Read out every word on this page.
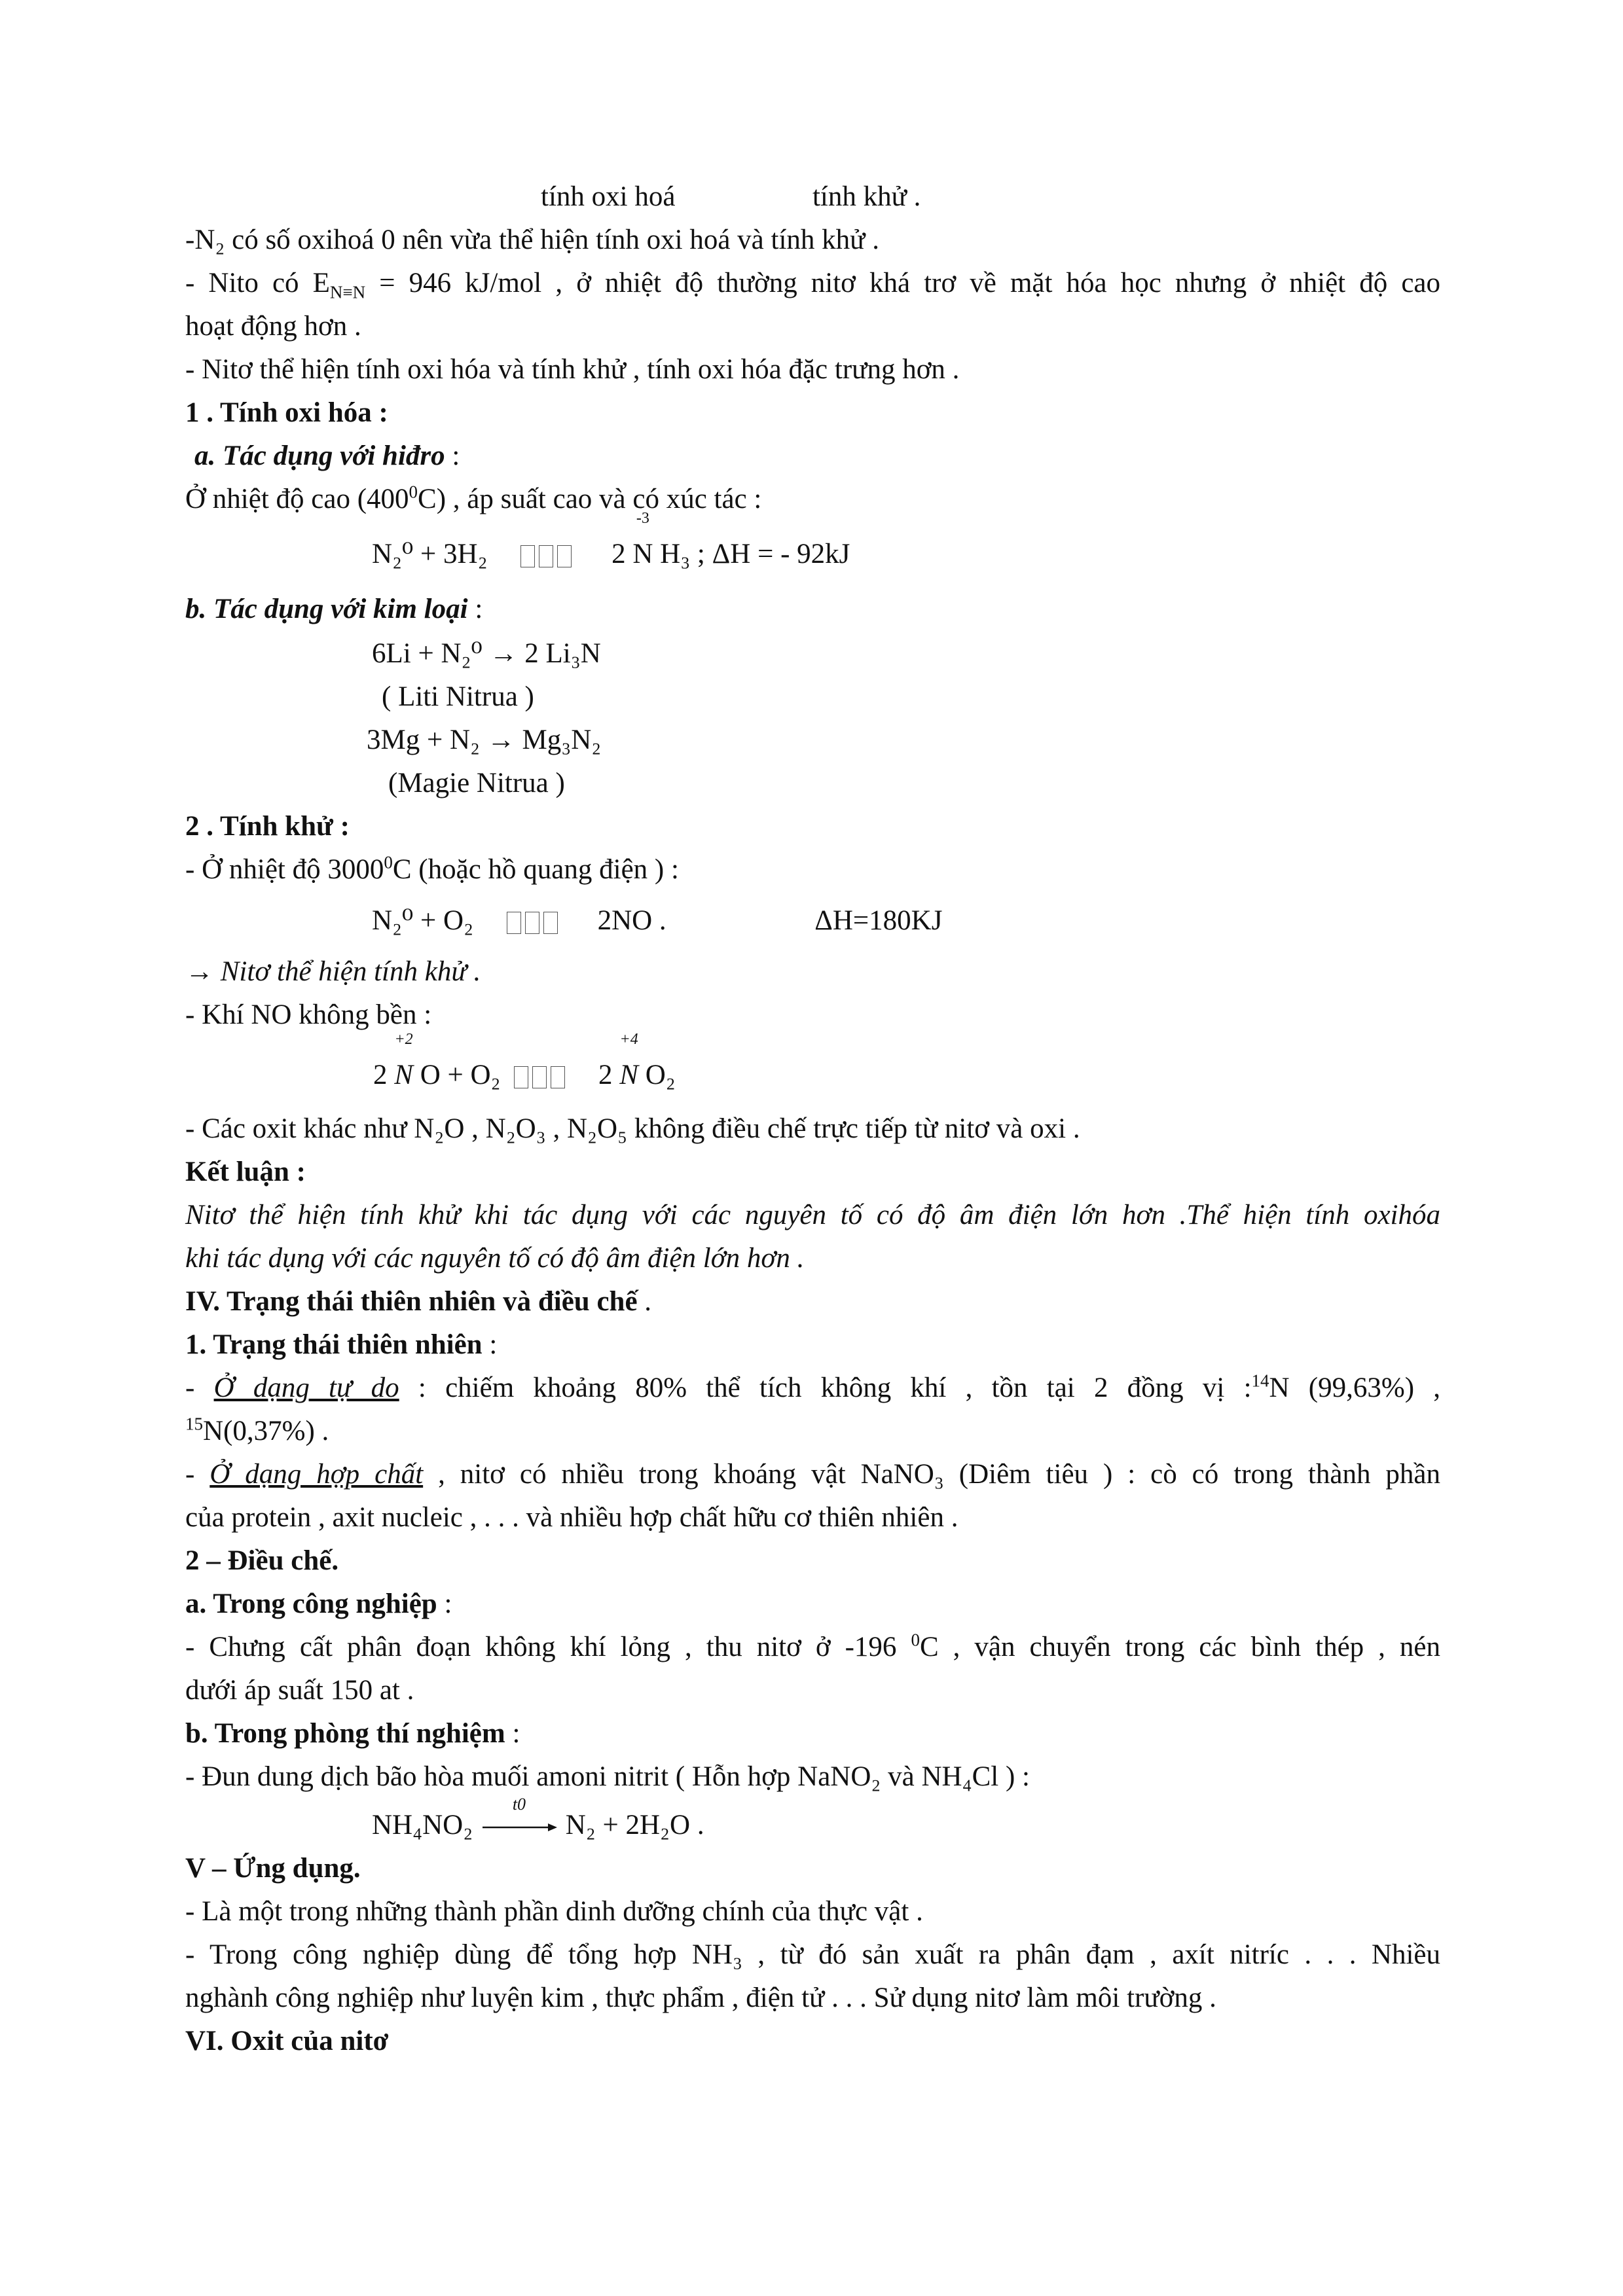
tính oxi hoá	tính khử .
-N₂ có số oxihoá 0 nên vừa thể hiện tính oxi hoá và tính khử .
- Nito có $E_{N\equiv N} = 946$ kJ/mol , ở nhiệt độ thường nitơ khá trơ về mặt hóa học nhưng ở nhiệt độ cao
hoạt động hơn .
- Nitơ thể hiện tính oxi hóa và tính khử , tính oxi hóa đặc trưng hơn .
1 . Tính oxi hóa :
a. Tác dụng với hiđro :
Ở nhiệt độ cao $(400^0C)$ , áp suất cao và có xúc tác :
N₂⁰ + 3H₂	2
-3
N H₃ ; ΔH = - 92kJ
b. Tác dụng với kim loại :
6Li + N₂⁰ → 2 Li₃N
( Liti Nitrua )
3Mg + N₂ → Mg₃N₂
(Magie Nitrua )
2 . Tính khử :
- Ở nhiệt độ 3000$^0$C (hoặc hồ quang điện ) :
N₂⁰ + O₂	2NO .	ΔH=180KJ
→ Nitơ thể hiện tính khử .
- Khí NO không bền :
2
+2
N O + O₂	2
+4
N O₂
- Các oxit khác như N₂O , N₂O₃ , N₂O₅ không điều chế trực tiếp từ nitơ và oxi .
Kết luận :
Nitơ thể hiện tính khử khi tác dụng với các nguyên tố có độ âm điện lớn hơn .Thể hiện tính oxihóa
khi tác dụng với các nguyên tố có độ âm điện lớn hơn .
IV. Trạng thái thiên nhiên và điều chế .
1. Trạng thái thiên nhiên :
- Ở dạng tự do : chiếm khoảng 80% thể tích không khí , tồn tại 2 đồng vị :$^{14}$N (99,63%) ,
$^{15}$N(0,37%) .
- Ở dạng hợp chất , nitơ có nhiều trong khoáng vật NaNO₃ (Diêm tiêu ) : cò có trong thành phần
của protein , axit nucleic , . . . và nhiều hợp chất hữu cơ thiên nhiên .
2 – Điều chế.
a. Trong công nghiệp :
- Chưng cất phân đoạn không khí lỏng , thu nitơ ở -196 $^0$C , vận chuyển trong các bình thép , nén
dưới áp suất 150 at .
b. Trong phòng thí nghiệm :
- Đun dung dịch bão hòa muối amoni nitrit ( Hỗn hợp NaNO₂ và NH₄Cl ) :
NH₄NO₂
t0
N₂ + 2H₂O .
V – Ứng dụng.
- Là một trong những thành phần dinh dưỡng chính của thực vật .
- Trong công nghiệp dùng để tổng hợp NH₃ , từ đó sản xuất ra phân đạm , axít nitríc . . . Nhiều
nghành công nghiệp như luyện kim , thực phẩm , điện tử . . . Sử dụng nitơ làm môi trường .
VI. Oxit của nitơ
